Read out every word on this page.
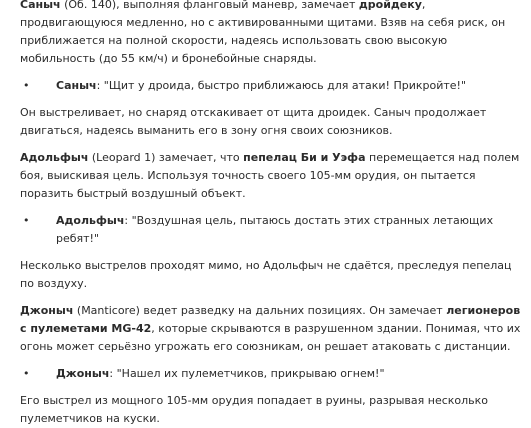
Саныч (Об. 140), выполняя фланговый маневр, замечает дройдеку, продвигающуюся медленно, но с активированными щитами. Взяв на себя риск, он приближается на полной скорости, надеясь использовать свою высокую мобильность (до 55 км/ч) и бронебойные снаряды.

• Саныч: "Щит у дроида, быстро приближаюсь для атаки! Прикройте!"

Он выстреливает, но снаряд отскакивает от щита дроидек. Саныч продолжает двигаться, надеясь выманить его в зону огня своих союзников.

Адольфыч (Leopard 1) замечает, что пепелац Би и Уэфа перемещается над полем боя, выискивая цель. Используя точность своего 105-мм орудия, он пытается поразить быстрый воздушный объект.

• Адольфыч: "Воздушная цель, пытаюсь достать этих странных летающих ребят!"

Несколько выстрелов проходят мимо, но Адольфыч не сдаётся, преследуя пепелац по воздуху.

Джоныч (Manticore) ведет разведку на дальних позициях. Он замечает легионеров с пулеметами MG-42, которые скрываются в разрушенном здании. Понимая, что их огонь может серьёзно угрожать его союзникам, он решает атаковать с дистанции.

• Джоныч: "Нашел их пулеметчиков, прикрываю огнем!"

Его выстрел из мощного 105-мм орудия попадает в руины, разрывая несколько пулеметчиков на куски.
